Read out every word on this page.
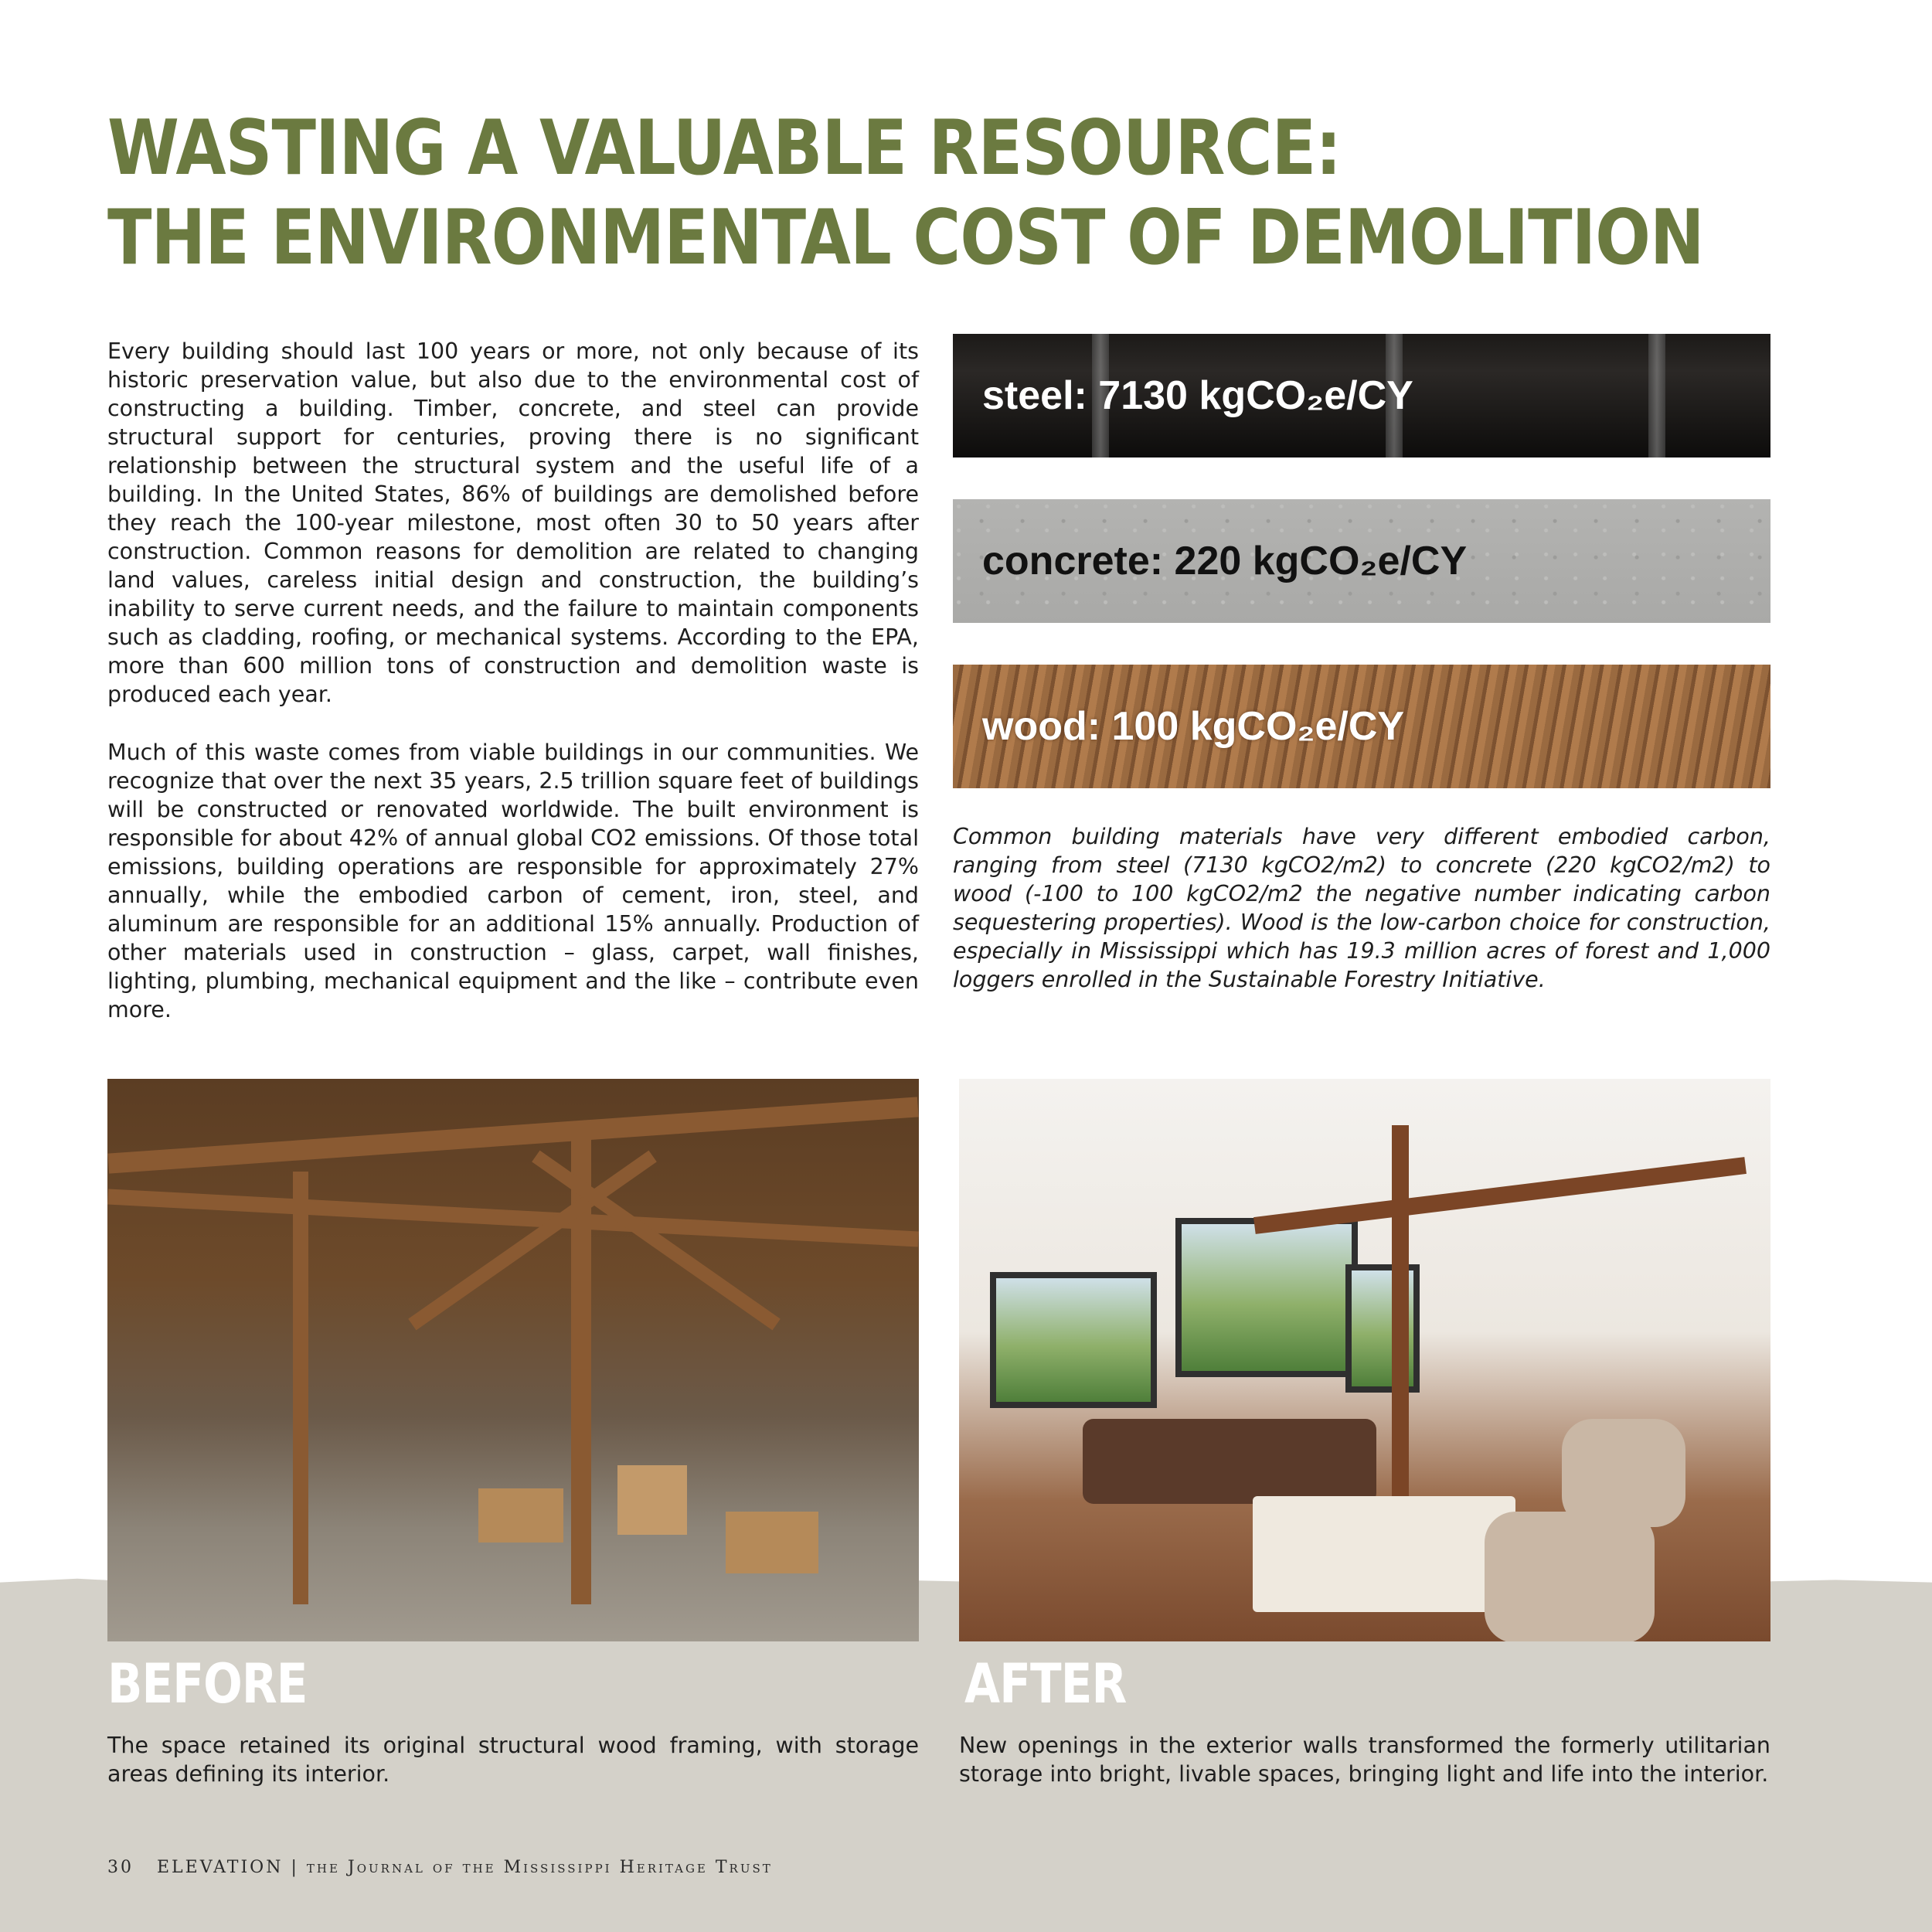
WASTING A VALUABLE RESOURCE:
THE ENVIRONMENTAL COST OF DEMOLITION

Every building should last 100 years or more, not only because of its historic preservation value, but also due to the environmental cost of constructing a building. Timber, concrete, and steel can provide structural support for centuries, proving there is no significant relationship between the structural system and the useful life of a building. In the United States, 86% of buildings are demolished before they reach the 100-year milestone, most often 30 to 50 years after construction. Common reasons for demolition are related to changing land values, careless initial design and construction, the building’s inability to serve current needs, and the failure to maintain components such as cladding, roofing, or mechanical systems. According to the EPA, more than 600 million tons of construction and demolition waste is produced each year.

Much of this waste comes from viable buildings in our communities. We recognize that over the next 35 years, 2.5 trillion square feet of buildings will be constructed or renovated worldwide. The built environment is responsible for about 42% of annual global CO2 emissions. Of those total emissions, building operations are responsible for approximately 27% annually, while the embodied carbon of cement, iron, steel, and aluminum are responsible for an additional 15% annually. Production of other materials used in construction – glass, carpet, wall finishes, lighting, plumbing, mechanical equipment and the like – contribute even more.

steel: 7130 kgCO₂e/CY
concrete: 220 kgCO₂e/CY
wood: 100 kgCO₂e/CY

Common building materials have very different embodied carbon, ranging from steel (7130 kgCO2/m2) to concrete (220 kgCO2/m2) to wood (-100 to 100 kgCO2/m2 the negative number indicating carbon sequestering properties). Wood is the low-carbon choice for construction, especially in Mississippi which has 19.3 million acres of forest and 1,000 loggers enrolled in the Sustainable Forestry Initiative.

BEFORE	AFTER

The space retained its original structural wood framing, with storage areas defining its interior.

New openings in the exterior walls transformed the formerly utilitarian storage into bright, livable spaces, bringing light and life into the interior.

30 ELEVATION | the Journal of the Mississippi Heritage Trust
